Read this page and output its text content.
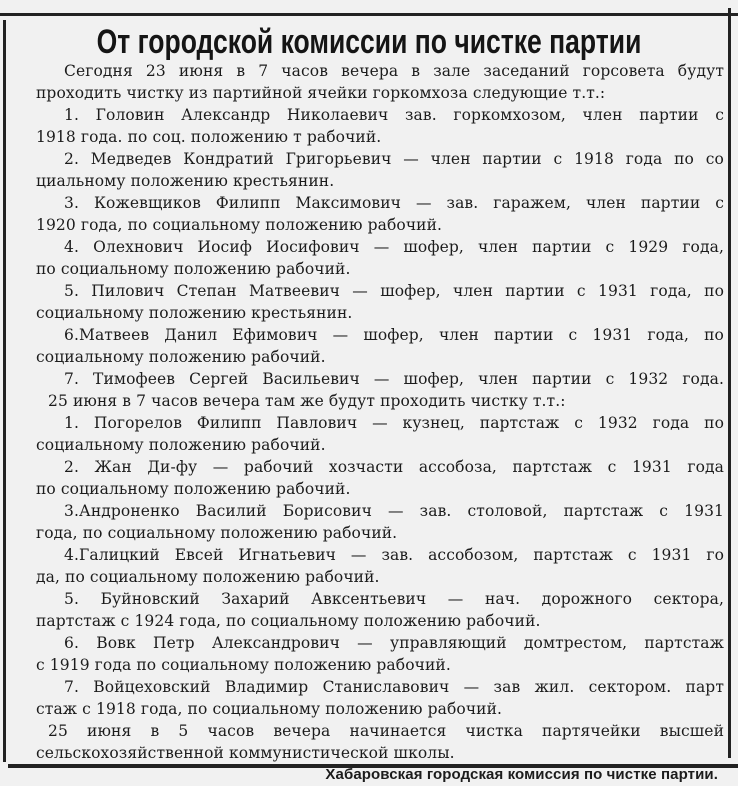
От городской комиссии по чистке партии
Сегодня 23 июня в 7 часов вечера в зале заседаний горсовета будут
проходить чистку из партийной ячейки горкомхоза следующие т.т.:
1. Головин Александр Николаевич зав. горкомхозом, член партии с
1918 года. по соц. положению т рабочий.
2. Медведев Кондратий Григорьевич — член партии с 1918 года по со
циальному положению крестьянин.
3. Кожевщиков Филипп Максимович — зав. гаражем, член партии с
1920 года, по социальному положению рабочий.
4. Олехнович Иосиф Иосифович — шофер, член партии с 1929 года,
по социальному положению рабочий.
5. Пилович Степан Матвеевич — шофер, член партии с 1931 года, по
социальному положению крестьянин.
6.Матвеев Данил Ефимович — шофер, член партии с 1931 года, по
социальному положению рабочий.
7. Тимофеев Сергей Васильевич — шофер, член партии с 1932 года.
25 июня в 7 часов вечера там же будут проходить чистку т.т.:
1. Погорелов Филипп Павлович — кузнец, партстаж с 1932 года по
социальному положению рабочий.
2. Жан Ди-фу — рабочий хозчасти ассобоза, партстаж с 1931 года
по социальному положению рабочий.
3.Андроненко Василий Борисович — зав. столовой, партстаж с 1931
года, по социальному положению рабочий.
4.Галицкий Евсей Игнатьевич — зав. ассобозом, партстаж с 1931 го
да, по социальному положению рабочий.
5. Буйновский Захарий Авксентьевич — нач. дорожного сектора,
партстаж с 1924 года, по социальному положению рабочий.
6. Вовк Петр Александрович — управляющий домтрестом, партстаж
с 1919 года по социальному положению рабочий.
7. Войцеховский Владимир Станиславович — зав жил. сектором. парт
стаж с 1918 года, по социальному положению рабочий.
25 июня в 5 часов вечера начинается чистка партячейки высшей
сельскохозяйственной коммунистической школы.
Хабаровская городская комиссия по чистке партии.
